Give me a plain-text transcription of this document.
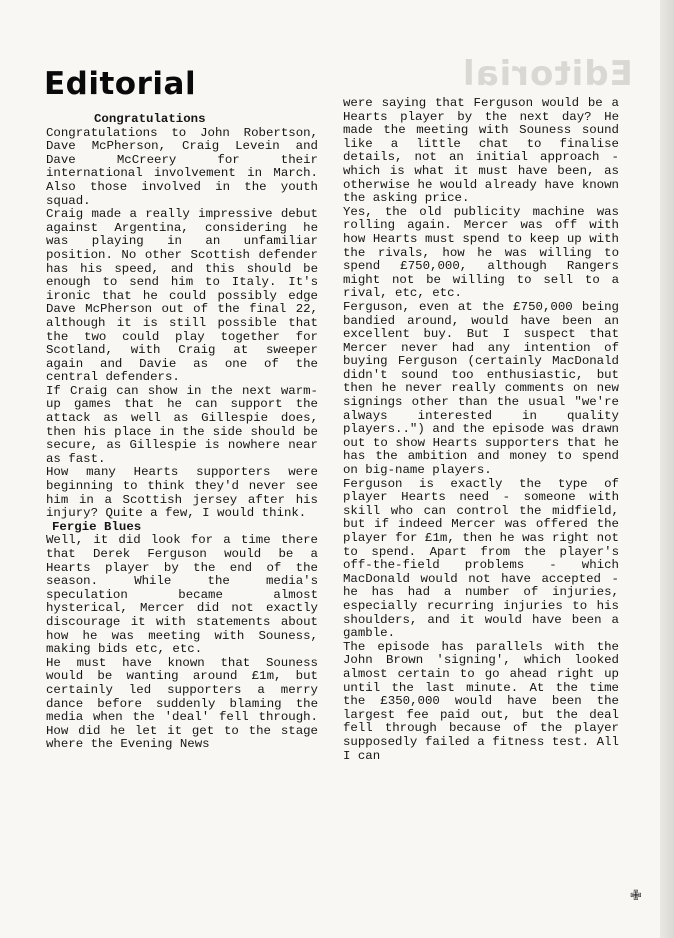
Editorial
Editorial

Congratulations

Congratulations to John Robertson, Dave McPherson, Craig Levein and Dave McCreery for their international involvement in March. Also those involved in the youth squad.

Craig made a really impressive debut against Argentina, considering he was playing in an unfamiliar position. No other Scottish defender has his speed, and this should be enough to send him to Italy. It's ironic that he could possibly edge Dave McPherson out of the final 22, although it is still possible that the two could play together for Scotland, with Craig at sweeper again and Davie as one of the central defenders.

If Craig can show in the next warm-up games that he can support the attack as well as Gillespie does, then his place in the side should be secure, as Gillespie is nowhere near as fast.

How many Hearts supporters were beginning to think they'd never see him in a Scottish jersey after his injury? Quite a few, I would think.

Fergie Blues

Well, it did look for a time there that Derek Ferguson would be a Hearts player by the end of the season. While the media's speculation became almost hysterical, Mercer did not exactly discourage it with statements about how he was meeting with Souness, making bids etc, etc.

He must have known that Souness would be wanting around £1m, but certainly led supporters a merry dance before suddenly blaming the media when the 'deal' fell through. How did he let it get to the stage where the Evening News

were saying that Ferguson would be a Hearts player by the next day? He made the meeting with Souness sound like a little chat to finalise details, not an initial approach - which is what it must have been, as otherwise he would already have known the asking price.

Yes, the old publicity machine was rolling again. Mercer was off with how Hearts must spend to keep up with the rivals, how he was willing to spend £750,000, although Rangers might not be willing to sell to a rival, etc, etc.

Ferguson, even at the £750,000 being bandied around, would have been an excellent buy. But I suspect that Mercer never had any intention of buying Ferguson (certainly MacDonald didn't sound too enthusiastic, but then he never really comments on new signings other than the usual "we're always interested in quality players..") and the episode was drawn out to show Hearts supporters that he has the ambition and money to spend on big-name players.

Ferguson is exactly the type of player Hearts need - someone with skill who can control the midfield, but if indeed Mercer was offered the player for £1m, then he was right not to spend. Apart from the player's off-the-field problems - which MacDonald would not have accepted - he has had a number of injuries, especially recurring injuries to his shoulders, and it would have been a gamble.

The episode has parallels with the John Brown 'signing', which looked almost certain to go ahead right up until the last minute. At the time the £350,000 would have been the largest fee paid out, but the deal fell through because of the player supposedly failed a fitness test. All I can

✙
